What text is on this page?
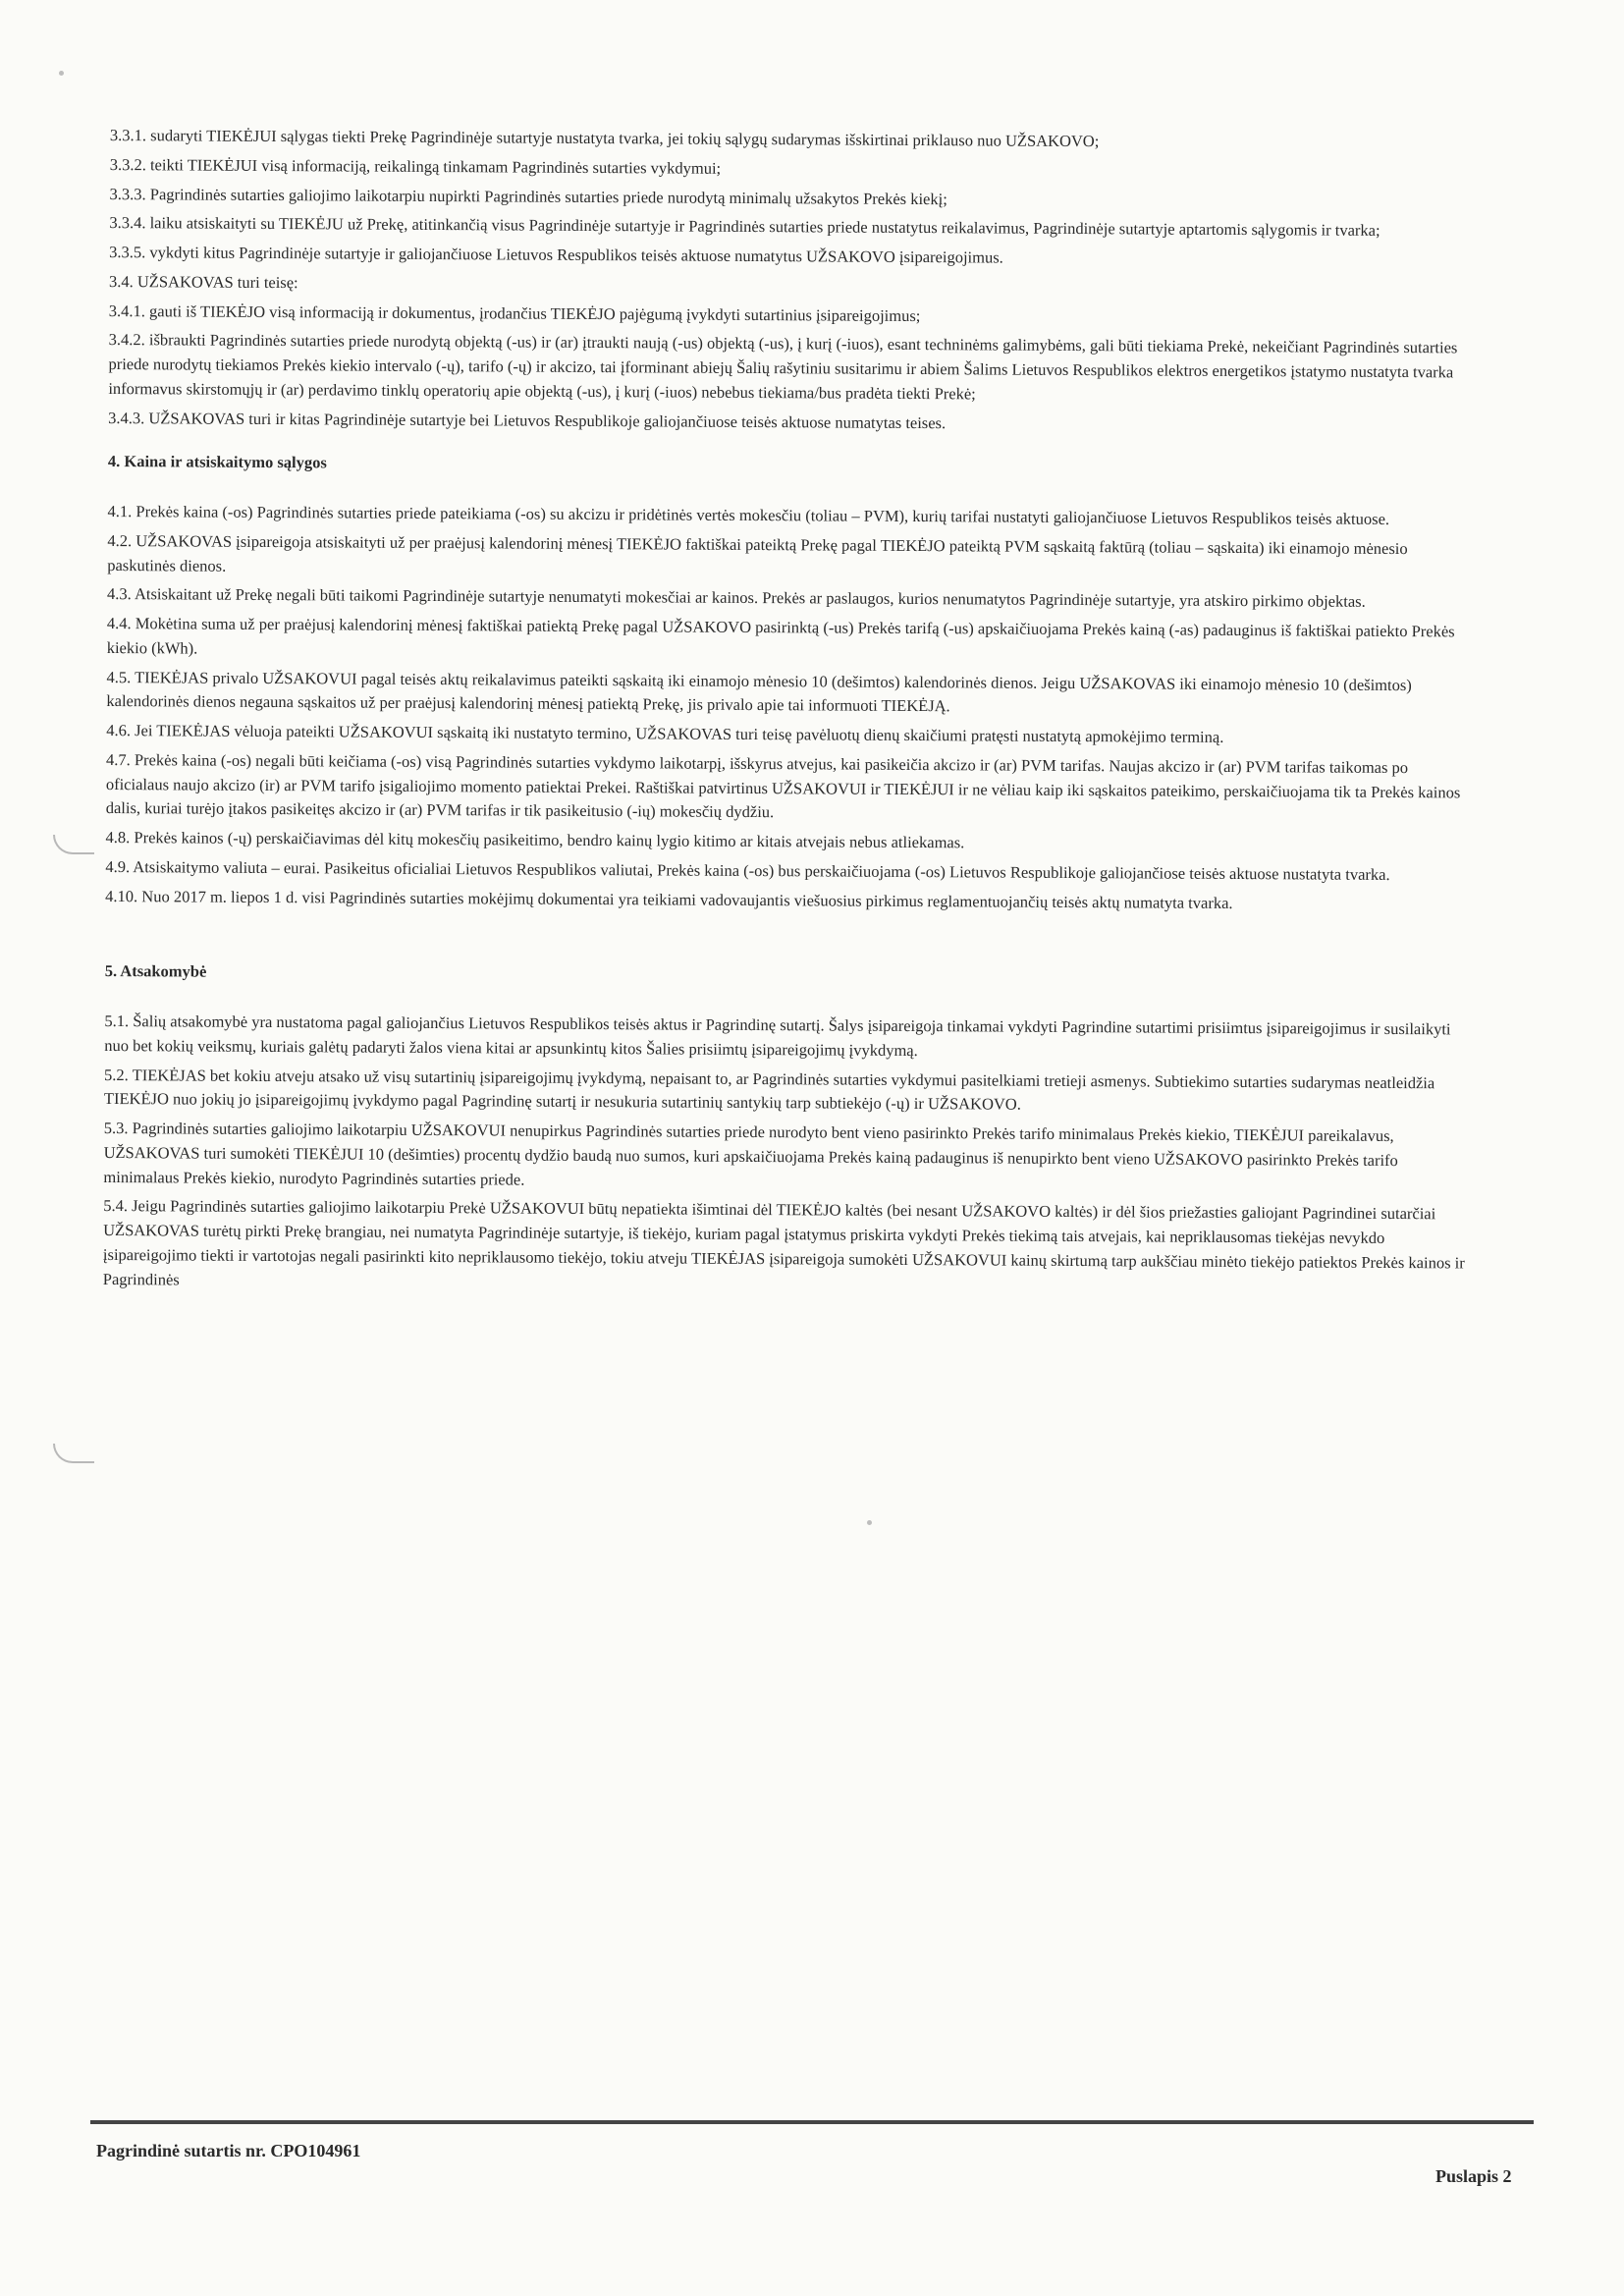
3.3.1. sudaryti TIEKĖJUI sąlygas tiekti Prekę Pagrindinėje sutartyje nustatyta tvarka, jei tokių sąlygų sudarymas išskirtinai priklauso nuo UŽSAKOVO;

3.3.2. teikti TIEKĖJUI visą informaciją, reikalingą tinkamam Pagrindinės sutarties vykdymui;

3.3.3. Pagrindinės sutarties galiojimo laikotarpiu nupirkti Pagrindinės sutarties priede nurodytą minimalų užsakytos Prekės kiekį;

3.3.4. laiku atsiskaityti su TIEKĖJU už Prekę, atitinkančią visus Pagrindinėje sutartyje ir Pagrindinės sutarties priede nustatytus reikalavimus, Pagrindinėje sutartyje aptartomis sąlygomis ir tvarka;

3.3.5. vykdyti kitus Pagrindinėje sutartyje ir galiojančiuose Lietuvos Respublikos teisės aktuose numatytus UŽSAKOVO įsipareigojimus.

3.4. UŽSAKOVAS turi teisę:

3.4.1. gauti iš TIEKĖJO visą informaciją ir dokumentus, įrodančius TIEKĖJO pajėgumą įvykdyti sutartinius įsipareigojimus;

3.4.2. išbraukti Pagrindinės sutarties priede nurodytą objektą (-us) ir (ar) įtraukti naują (-us) objektą (-us), į kurį (-iuos), esant techninėms galimybėms, gali būti tiekiama Prekė, nekeičiant Pagrindinės sutarties priede nurodytų tiekiamos Prekės kiekio intervalo (-ų), tarifo (-ų) ir akcizo, tai įforminant abiejų Šalių rašytiniu susitarimu ir abiem Šalims Lietuvos Respublikos elektros energetikos įstatymo nustatyta tvarka informavus skirstomųjų ir (ar) perdavimo tinklų operatorių apie objektą (-us), į kurį (-iuos) nebebus tiekiama/bus pradėta tiekti Prekė;

3.4.3. UŽSAKOVAS turi ir kitas Pagrindinėje sutartyje bei Lietuvos Respublikoje galiojančiuose teisės aktuose numatytas teises.

4. Kaina ir atsiskaitymo sąlygos

4.1. Prekės kaina (-os) Pagrindinės sutarties priede pateikiama (-os) su akcizu ir pridėtinės vertės mokesčiu (toliau – PVM), kurių tarifai nustatyti galiojančiuose Lietuvos Respublikos teisės aktuose.

4.2. UŽSAKOVAS įsipareigoja atsiskaityti už per praėjusį kalendorinį mėnesį TIEKĖJO faktiškai pateiktą Prekę pagal TIEKĖJO pateiktą PVM sąskaitą faktūrą (toliau – sąskaita) iki einamojo mėnesio paskutinės dienos.

4.3. Atsiskaitant už Prekę negali būti taikomi Pagrindinėje sutartyje nenumatyti mokesčiai ar kainos. Prekės ar paslaugos, kurios nenumatytos Pagrindinėje sutartyje, yra atskiro pirkimo objektas.

4.4. Mokėtina suma už per praėjusį kalendorinį mėnesį faktiškai patiektą Prekę pagal UŽSAKOVO pasirinktą (-us) Prekės tarifą (-us) apskaičiuojama Prekės kainą (-as) padauginus iš faktiškai patiekto Prekės kiekio (kWh).

4.5. TIEKĖJAS privalo UŽSAKOVUI pagal teisės aktų reikalavimus pateikti sąskaitą iki einamojo mėnesio 10 (dešimtos) kalendorinės dienos. Jeigu UŽSAKOVAS iki einamojo mėnesio 10 (dešimtos) kalendorinės dienos negauna sąskaitos už per praėjusį kalendorinį mėnesį patiektą Prekę, jis privalo apie tai informuoti TIEKĖJĄ.

4.6. Jei TIEKĖJAS vėluoja pateikti UŽSAKOVUI sąskaitą iki nustatyto termino, UŽSAKOVAS turi teisę pavėluotų dienų skaičiumi pratęsti nustatytą apmokėjimo terminą.

4.7. Prekės kaina (-os) negali būti keičiama (-os) visą Pagrindinės sutarties vykdymo laikotarpį, išskyrus atvejus, kai pasikeičia akcizo ir (ar) PVM tarifas. Naujas akcizo ir (ar) PVM tarifas taikomas po oficialaus naujo akcizo (ir) ar PVM tarifo įsigaliojimo momento patiektai Prekei. Raštiškai patvirtinus UŽSAKOVUI ir TIEKĖJUI ir ne vėliau kaip iki sąskaitos pateikimo, perskaičiuojama tik ta Prekės kainos dalis, kuriai turėjo įtakos pasikeitęs akcizo ir (ar) PVM tarifas ir tik pasikeitusio (-ių) mokesčių dydžiu.

4.8. Prekės kainos (-ų) perskaičiavimas dėl kitų mokesčių pasikeitimo, bendro kainų lygio kitimo ar kitais atvejais nebus atliekamas.

4.9. Atsiskaitymo valiuta – eurai. Pasikeitus oficialiai Lietuvos Respublikos valiutai, Prekės kaina (-os) bus perskaičiuojama (-os) Lietuvos Respublikoje galiojančiose teisės aktuose nustatyta tvarka.

4.10. Nuo 2017 m. liepos 1 d. visi Pagrindinės sutarties mokėjimų dokumentai yra teikiami vadovaujantis viešuosius pirkimus reglamentuojančių teisės aktų numatyta tvarka.

5. Atsakomybė

5.1. Šalių atsakomybė yra nustatoma pagal galiojančius Lietuvos Respublikos teisės aktus ir Pagrindinę sutartį. Šalys įsipareigoja tinkamai vykdyti Pagrindine sutartimi prisiimtus įsipareigojimus ir susilaikyti nuo bet kokių veiksmų, kuriais galėtų padaryti žalos viena kitai ar apsunkintų kitos Šalies prisiimtų įsipareigojimų įvykdymą.

5.2. TIEKĖJAS bet kokiu atveju atsako už visų sutartinių įsipareigojimų įvykdymą, nepaisant to, ar Pagrindinės sutarties vykdymui pasitelkiami tretieji asmenys. Subtiekimo sutarties sudarymas neatleidžia TIEKĖJO nuo jokių jo įsipareigojimų įvykdymo pagal Pagrindinę sutartį ir nesukuria sutartinių santykių tarp subtiekėjo (-ų) ir UŽSAKOVO.

5.3. Pagrindinės sutarties galiojimo laikotarpiu UŽSAKOVUI nenupirkus Pagrindinės sutarties priede nurodyto bent vieno pasirinkto Prekės tarifo minimalaus Prekės kiekio, TIEKĖJUI pareikalavus, UŽSAKOVAS turi sumokėti TIEKĖJUI 10 (dešimties) procentų dydžio baudą nuo sumos, kuri apskaičiuojama Prekės kainą padauginus iš nenupirkto bent vieno UŽSAKOVO pasirinkto Prekės tarifo minimalaus Prekės kiekio, nurodyto Pagrindinės sutarties priede.

5.4. Jeigu Pagrindinės sutarties galiojimo laikotarpiu Prekė UŽSAKOVUI būtų nepatiekta išimtinai dėl TIEKĖJO kaltės (bei nesant UŽSAKOVO kaltės) ir dėl šios priežasties galiojant Pagrindinei sutarčiai UŽSAKOVAS turėtų pirkti Prekę brangiau, nei numatyta Pagrindinėje sutartyje, iš tiekėjo, kuriam pagal įstatymus priskirta vykdyti Prekės tiekimą tais atvejais, kai nepriklausomas tiekėjas nevykdo įsipareigojimo tiekti ir vartotojas negali pasirinkti kito nepriklausomo tiekėjo, tokiu atveju TIEKĖJAS įsipareigoja sumokėti UŽSAKOVUI kainų skirtumą tarp aukščiau minėto tiekėjo patiektos Prekės kainos ir Pagrindinės

Pagrindinė sutartis nr. CPO104961
Puslapis 2
